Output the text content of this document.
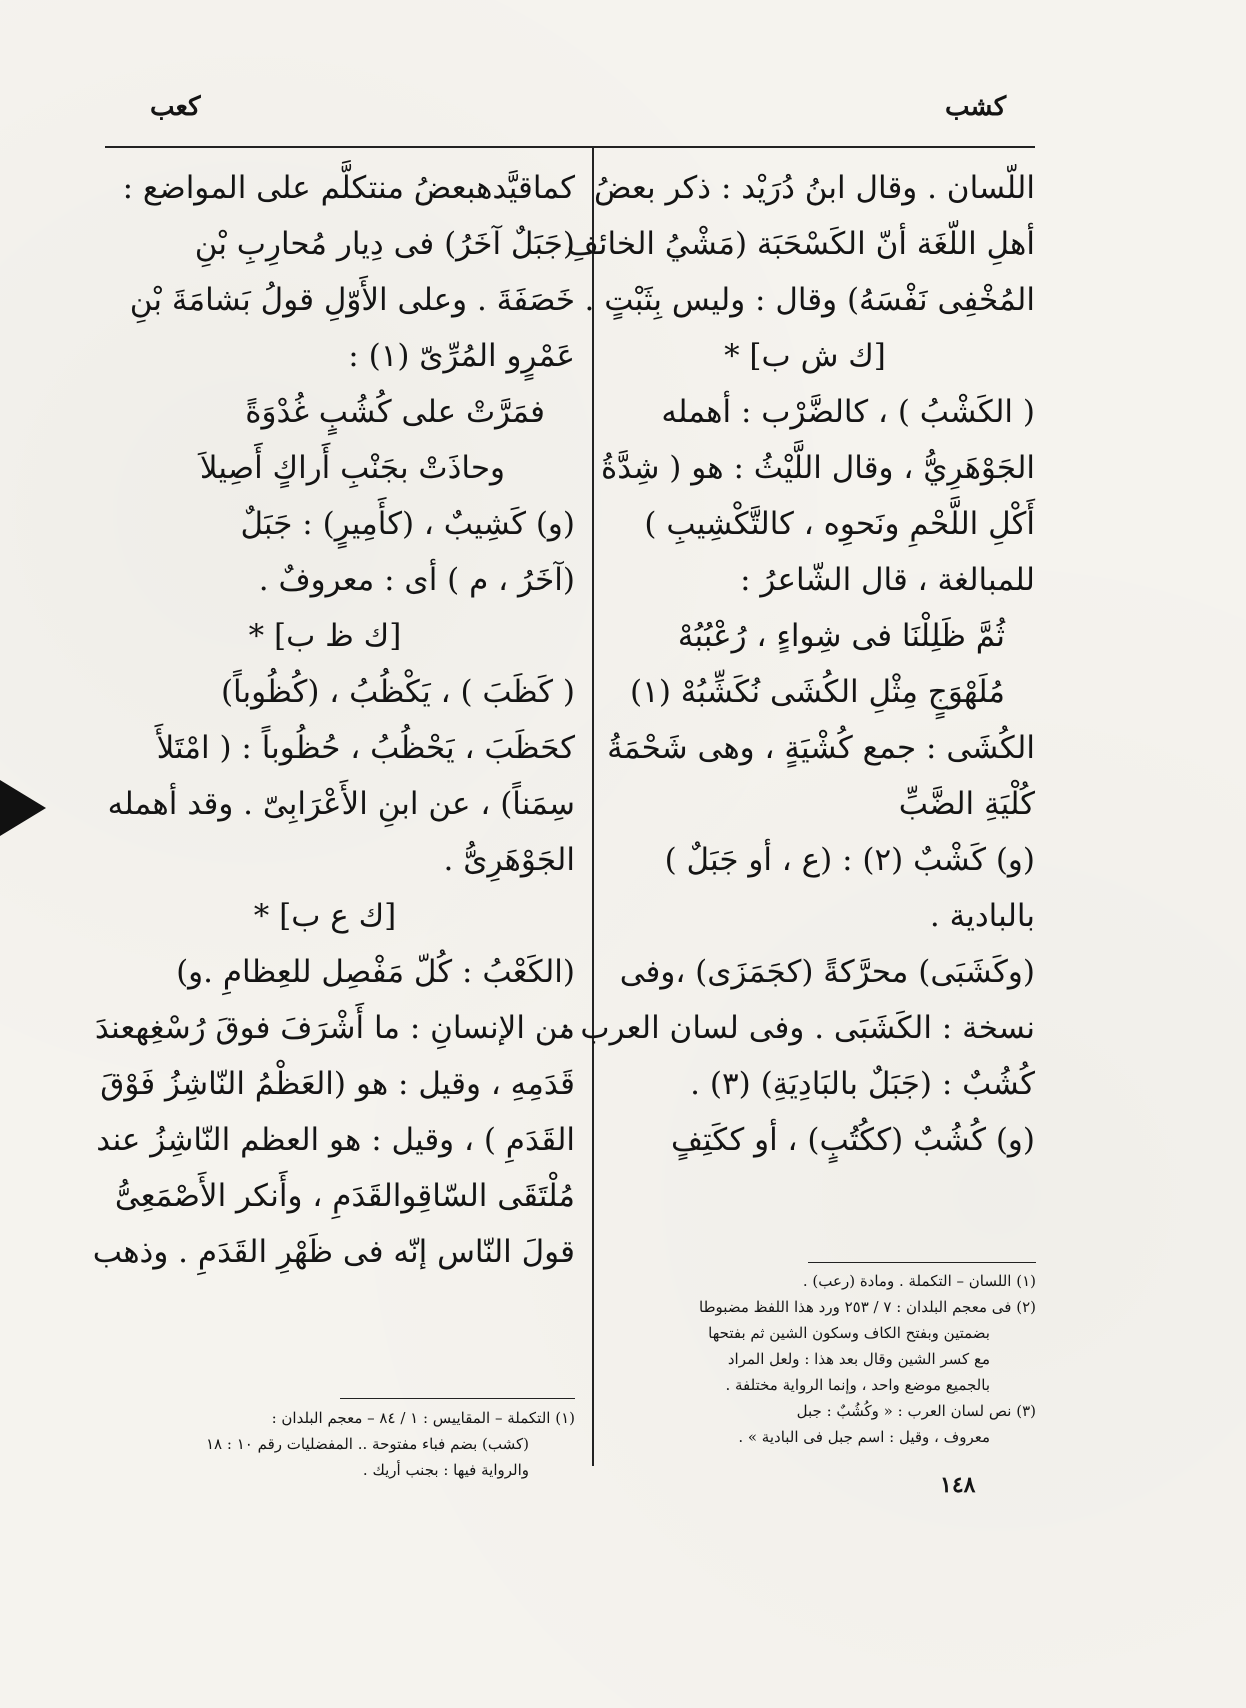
كعب	كشب
اللّسان . وقال ابنُ دُرَيْد : ذكر بعضُ
أهلِ اللّغَة أنّ الكَسْحَبَة (مَشْيُ الخائفِ
المُخْفِى نَفْسَهُ) وقال : وليس بِثَبْتٍ .
[ك ش ب] *
( الكَشْبُ ) ، كالضَّرْب : أهمله
الجَوْهَرِيُّ ، وقال اللَّيْثُ : هو ( شِدَّةُ
أَكْلِ اللَّحْمِ ونَحوِه ، كالتَّكْشِيبِ )
للمبالغة ، قال الشّاعرُ :
ثُمَّ ظَلِلْنَا فى شِواءٍ ، رُعْبُبُهْ
مُلَهْوَجٍ مِثْلِ الكُشَى نُكَشِّبُهْ (١)
الكُشَى : جمع كُشْيَةٍ ، وهى شَحْمَةُ
كُلْيَةِ الضَّبِّ
(و) كَشْبٌ (٢) : (ع ، أو جَبَلٌ )
بالبادية .
(وكَشَبَى) محرَّكةً (كجَمَزَى) ،وفى
نسخة : الكَشَبَى . وفى لسان العرب :
كُشُبٌ : (جَبَلٌ بالبَادِيَةِ) (٣) .
(و) كُشُبٌ (ككُتُبٍ) ، أو ككَتِفٍ
(١) اللسان – التكملة . ومادة (رعب) .
(٢) فى معجم البلدان : ٧ / ٢٥٣ ورد هذا اللفظ مضبوطا
بضمتين وبفتح الكاف وسكون الشين ثم بفتحها
مع كسر الشين وقال بعد هذا : ولعل المراد
بالجميع موضع واحد ، وإنما الرواية مختلفة .
(٣) نص لسان العرب : « وكُشُبٌ : جبل
معروف ، وقيل : اسم جبل فى البادية » .
كماقيَّدهبعضُ منتكلَّم على المواضع :
(جَبَلٌ آخَرُ) فى دِيار مُحارِبِ بْنِ
خَصَفَةَ . وعلى الأَوّلِ قولُ بَشامَةَ بْنِ
عَمْرٍو المُرِّىّ (١) :
فمَرَّتْ على كُشُبٍ غُدْوَةً
وحاذَتْ بجَنْبِ أَراكٍ أَصِيلاَ
(و) كَشِيبٌ ، (كأَمِيرٍ) : جَبَلٌ
(آخَرُ ، م ) أى : معروفٌ .
[ك ظ ب] *
( كَظَبَ ) ، يَكْظُبُ ، (كُظُوباً)
كحَظَبَ ، يَحْظُبُ ، حُظُوباً : ( امْتَلأَ
سِمَناً) ، عن ابنِ الأَعْرَابِىّ . وقد أهمله
الجَوْهَرِىُّ .
[ك ع ب] *
(الكَعْبُ : كُلّ مَفْصِل للعِظامِ .و)
من الإنسانِ : ما أَشْرَفَ فوقَ رُسْغِهعندَ
قَدَمِهِ ، وقيل : هو (العَظْمُ النّاشِزُ فَوْقَ
القَدَمِ ) ، وقيل : هو العظم النّاشِزُ عند
مُلْتَقَى السّاقِوالقَدَمِ ، وأَنكر الأَصْمَعِىُّ
قولَ النّاس إنّه فى ظَهْرِ القَدَمِ . وذهب
(١) التكملة – المقاييس : ١ / ٨٤ – معجم البلدان :
(كشب) بضم فباء مفتوحة .. المفضليات رقم ١٠ : ١٨
والرواية فيها : بجنب أريك .
١٤٨
